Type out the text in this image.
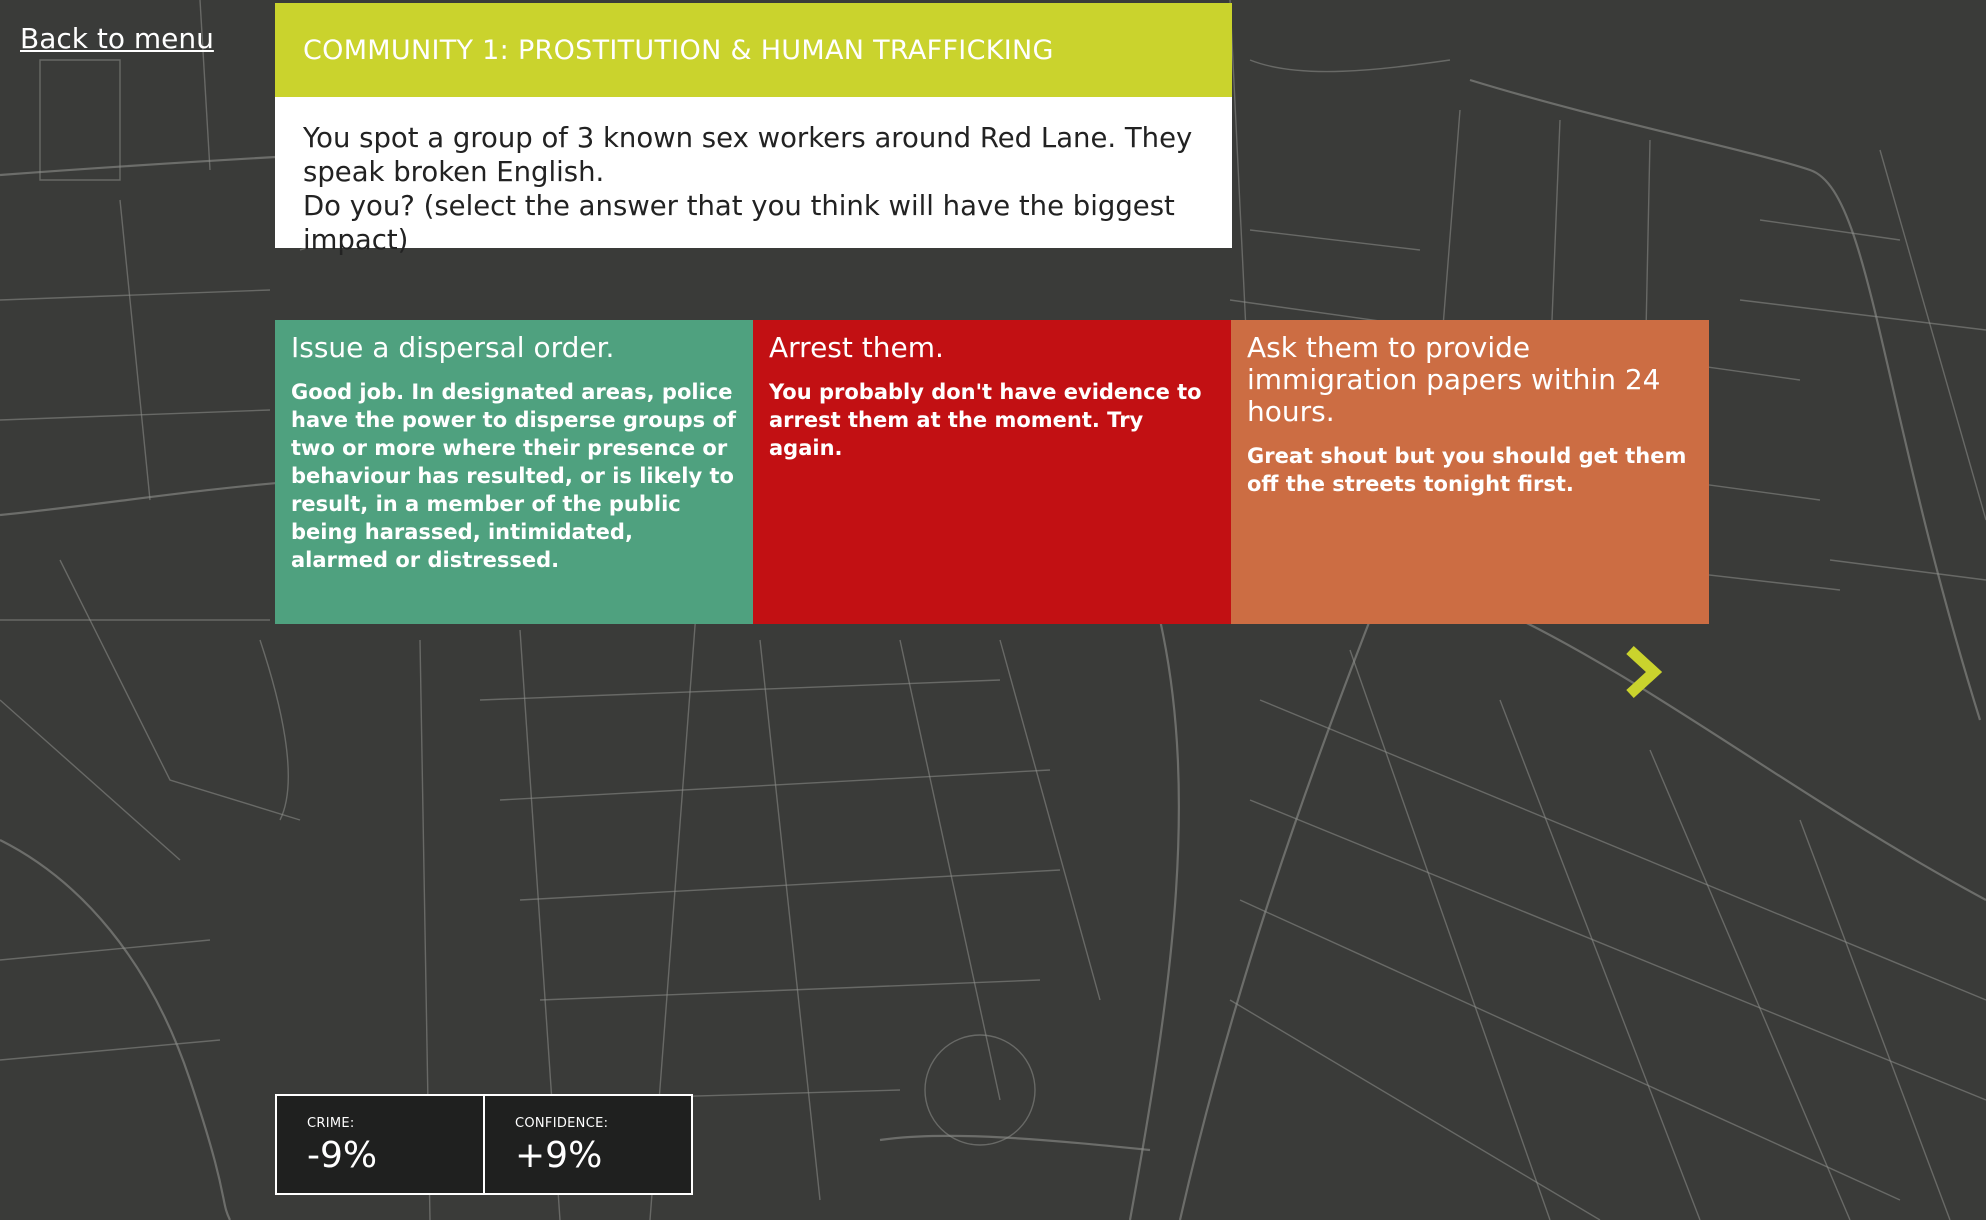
Back to menu	COMMUNITY 1: PROSTITUTION & HUMAN TRAFFICKING

You spot a group of 3 known sex workers around Red Lane. They speak broken English.

Do you? (select the answer that you think will have the biggest impact)

Issue a dispersal order.
Good job. In designated areas, police have the power to disperse groups of two or more where their presence or behaviour has resulted, or is likely to result, in a member of the public being harassed, intimidated, alarmed or distressed.
Arrest them.
You probably don't have evidence to arrest them at the moment. Try again.
Ask them to provide immigration papers within 24 hours.
Great shout but you should get them off the streets tonight first.
CRIME:
-9%
CONFIDENCE:
+9%
